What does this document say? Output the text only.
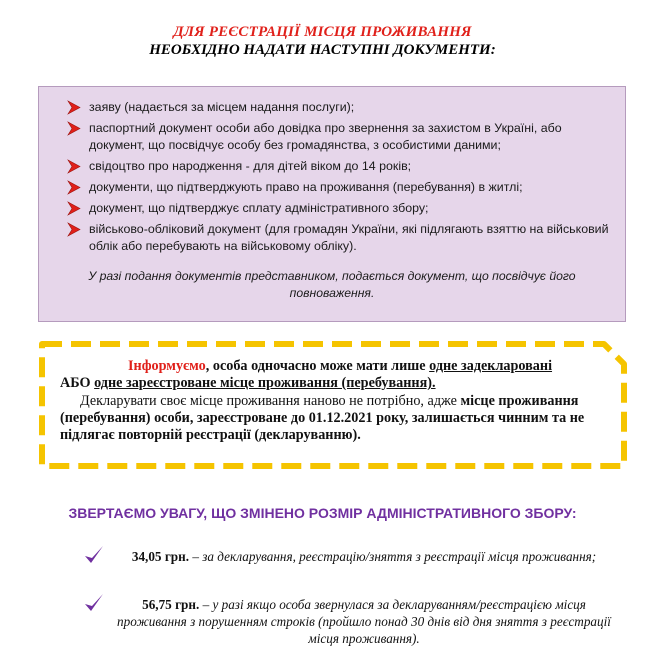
ДЛЯ РЕЄСТРАЦІЇ МІСЦЯ ПРОЖИВАННЯ
НЕОБХІДНО НАДАТИ НАСТУПНІ ДОКУМЕНТИ:
заяву (надається за місцем надання послуги);
паспортний документ особи або довідка про звернення за захистом в Україні, або документ, що посвідчує особу без громадянства, з особистими даними;
свідоцтво про народження - для дітей віком до 14 років;
документи, що підтверджують право на проживання (перебування) в житлі;
документ, що підтверджує сплату адміністративного збору;
військово-обліковий документ (для громадян України, які підлягають взяттю на військовий облік або перебувають на військовому обліку).
У разі подання документів представником, подається документ, що посвідчує його повноваження.
Інформуємо, особа одночасно може мати лише одне задекларовані
АБО одне зареєстроване місце проживання (перебування).
Декларувати своє місце проживання наново не потрібно, адже місце проживання (перебування) особи, зареєстроване до 01.12.2021 року, залишається чинним та не підлягає повторній реєстрації (декларуванню).
ЗВЕРТАЄМО УВАГУ, ЩО ЗМІНЕНО РОЗМІР АДМІНІСТРАТИВНОГО ЗБОРУ:
34,05 грн. – за декларування, реєстрацію/зняття з реєстрації місця проживання;
56,75 грн. – у разі якщо особа звернулася за декларуванням/реєстрацією місця проживання з порушенням строків (пройшло понад 30 днів від дня зняття з реєстрації місця проживання).
